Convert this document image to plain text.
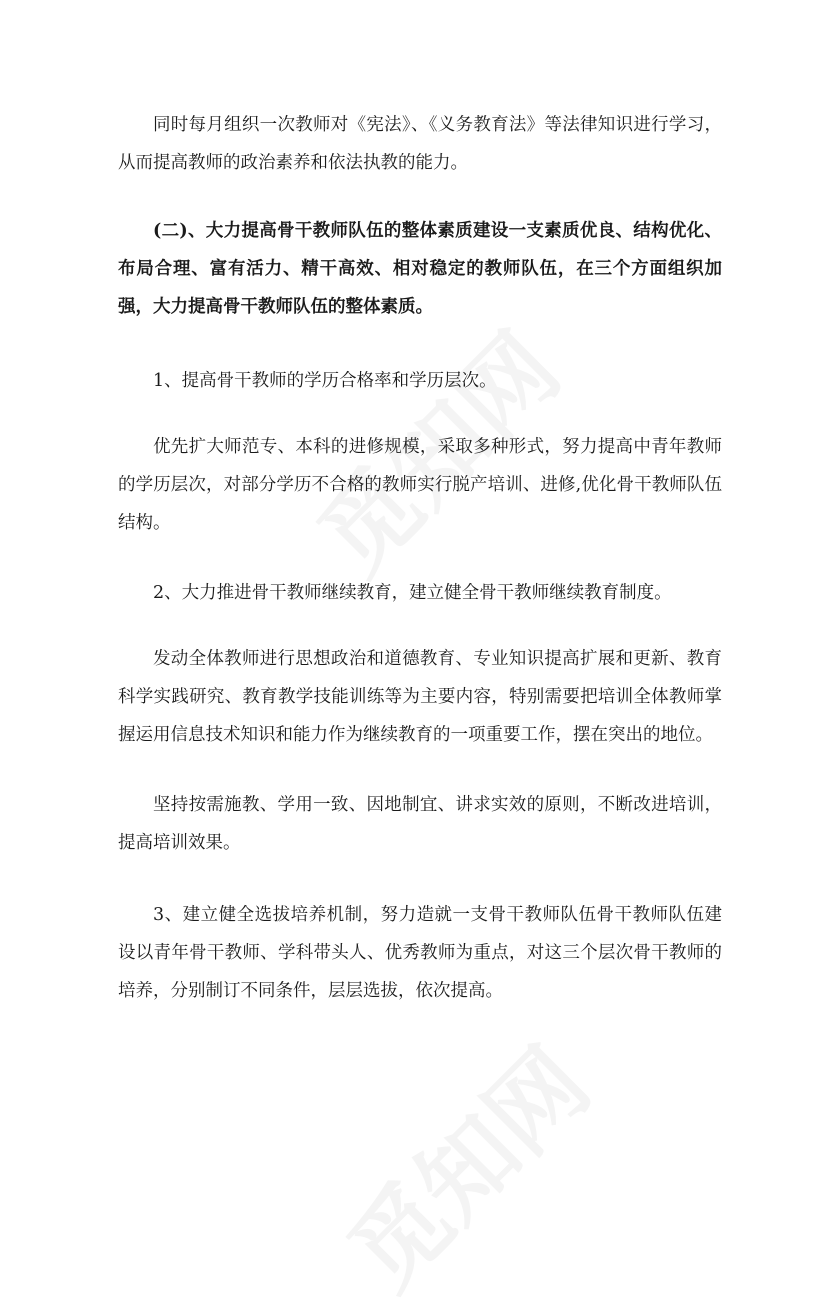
同时每月组织一次教师对《宪法》、《义务教育法》等法律知识进行学习，从而提高教师的政治素养和依法执教的能力。

(二)、大力提高骨干教师队伍的整体素质建设一支素质优良、结构优化、布局合理、富有活力、精干高效、相对稳定的教师队伍，在三个方面组织加强，大力提高骨干教师队伍的整体素质。

1、提高骨干教师的学历合格率和学历层次。

优先扩大师范专、本科的进修规模，采取多种形式，努力提高中青年教师的学历层次，对部分学历不合格的教师实行脱产培训、进修,优化骨干教师队伍结构。

2、大力推进骨干教师继续教育，建立健全骨干教师继续教育制度。

发动全体教师进行思想政治和道德教育、专业知识提高扩展和更新、教育科学实践研究、教育教学技能训练等为主要内容，特别需要把培训全体教师掌握运用信息技术知识和能力作为继续教育的一项重要工作，摆在突出的地位。

坚持按需施教、学用一致、因地制宜、讲求实效的原则，不断改进培训，提高培训效果。

3、建立健全选拔培养机制，努力造就一支骨干教师队伍骨干教师队伍建设以青年骨干教师、学科带头人、优秀教师为重点，对这三个层次骨干教师的培养，分别制订不同条件，层层选拔，依次提高。
